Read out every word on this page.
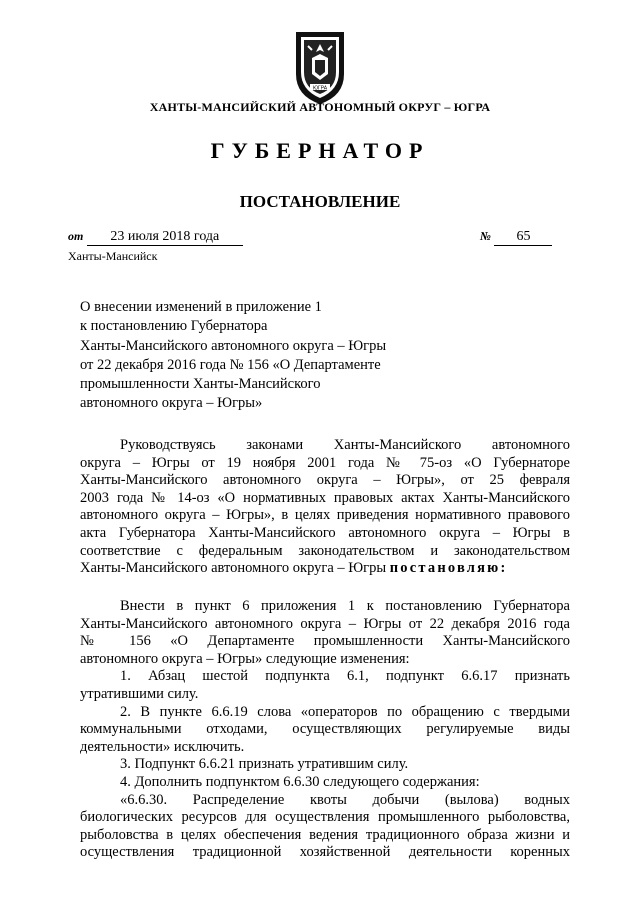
ЮГРА
ХАНТЫ-МАНСИЙСКИЙ АВТОНОМНЫЙ ОКРУГ – ЮГРА
ГУБЕРНАТОР
ПОСТАНОВЛЕНИЕ
от 23 июля 2018 года	№ 65
Ханты-Мансийск
О внесении изменений в приложение 1
к постановлению Губернатора
Ханты-Мансийского автономного округа – Югры
от 22 декабря 2016 года № 156 «О Департаменте
промышленности Ханты-Мансийского
автономного округа – Югры»

Руководствуясь законами Ханты-Мансийского автономного

округа – Югры от 19 ноября 2001 года № 75-оз «О Губернаторе

Ханты-Мансийского автономного округа – Югры», от 25 февраля

2003 года № 14-оз «О нормативных правовых актах Ханты-Мансийского

автономного округа – Югры», в целях приведения нормативного правового

акта Губернатора Ханты-Мансийского автономного округа – Югры в

соответствие с федеральным законодательством и законодательством

Ханты-Мансийского автономного округа – Югры постановляю:

Внести в пункт 6 приложения 1 к постановлению Губернатора

Ханты-Мансийского автономного округа – Югры от 22 декабря 2016 года

№ 156 «О Департаменте промышленности Ханты-Мансийского

автономного округа – Югры» следующие изменения:

1. Абзац шестой подпункта 6.1, подпункт 6.6.17 признать

утратившими силу.

2. В пункте 6.6.19 слова «операторов по обращению с твердыми

коммунальными отходами, осуществляющих регулируемые виды

деятельности» исключить.

3. Подпункт 6.6.21 признать утратившим силу.

4. Дополнить подпунктом 6.6.30 следующего содержания:

«6.6.30. Распределение квоты добычи (вылова) водных

биологических ресурсов для осуществления промышленного рыболовства,

рыболовства в целях обеспечения ведения традиционного образа жизни и

осуществления традиционной хозяйственной деятельности коренных
